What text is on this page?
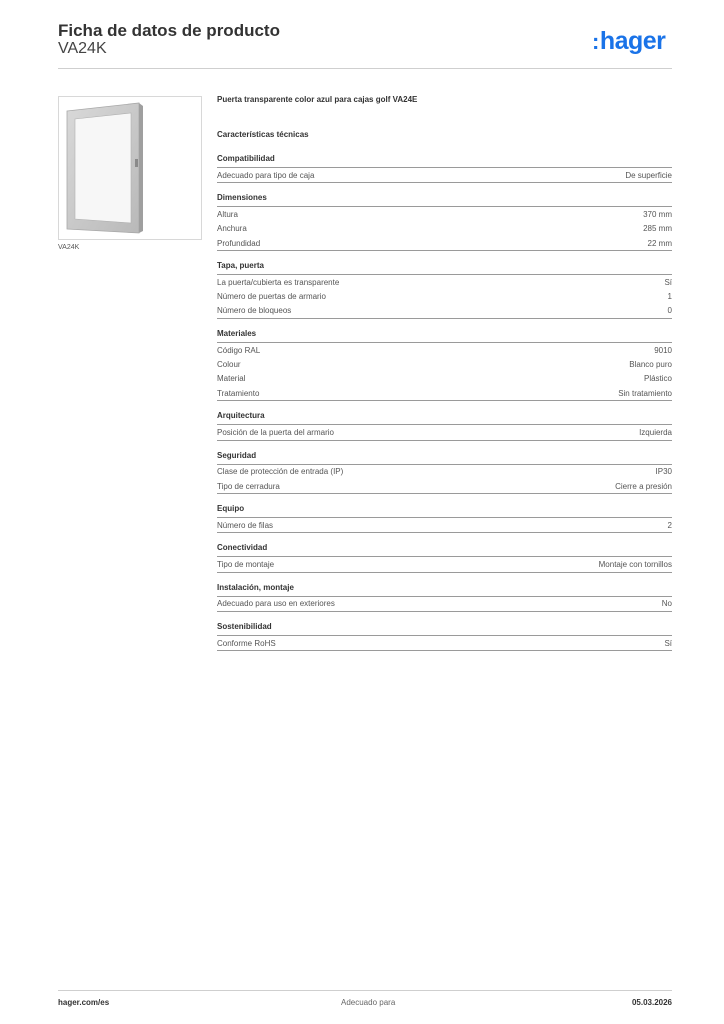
Ficha de datos de producto
VA24K	:hager
VA24K
Puerta transparente color azul para cajas golf VA24E
Características técnicas
Compatibilidad
Adecuado para tipo de caja	De superficie
Dimensiones
Altura	370 mm
Anchura	285 mm
Profundidad	22 mm
Tapa, puerta
La puerta/cubierta es transparente	Sí
Número de puertas de armario	1
Número de bloqueos	0
Materiales
Código RAL	9010
Colour	Blanco puro
Material	Plástico
Tratamiento	Sin tratamiento
Arquitectura
Posición de la puerta del armario	Izquierda
Seguridad
Clase de protección de entrada (IP)	IP30
Tipo de cerradura	Cierre a presión
Equipo
Número de filas	2
Conectividad
Tipo de montaje	Montaje con tornillos
Instalación, montaje
Adecuado para uso en exteriores	No
Sostenibilidad
Conforme RoHS	Sí
hager.com/es	Adecuado para	05.03.2026
